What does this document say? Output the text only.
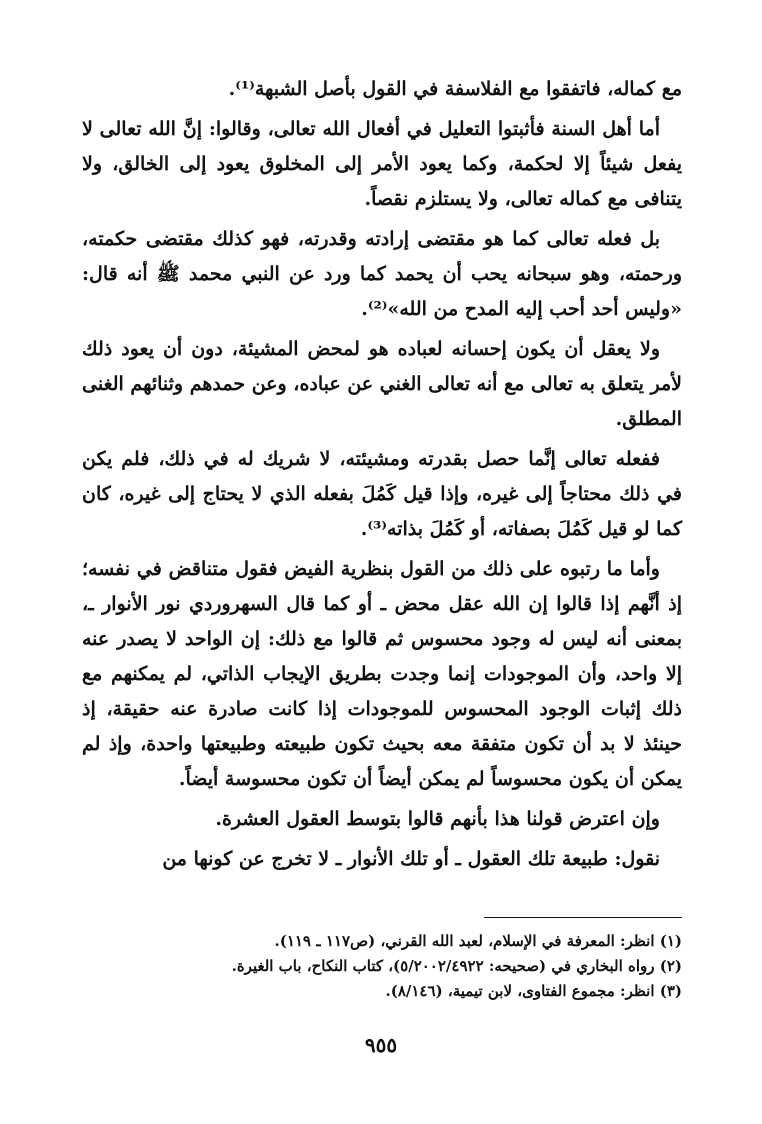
مع كماله، فاتفقوا مع الفلاسفة في القول بأصل الشبهة⁽¹⁾.

أما أهل السنة فأثبتوا التعليل في أفعال الله تعالى، وقالوا: إنَّ الله تعالى لا يفعل شيئاً إلا لحكمة، وكما يعود الأمر إلى المخلوق يعود إلى الخالق، ولا يتنافى مع كماله تعالى، ولا يستلزم نقصاً.

بل فعله تعالى كما هو مقتضى إرادته وقدرته، فهو كذلك مقتضى حكمته، ورحمته، وهو سبحانه يحب أن يحمد كما ورد عن النبي محمد ﷺ أنه قال: «وليس أحد أحب إليه المدح من الله»⁽²⁾.

ولا يعقل أن يكون إحسانه لعباده هو لمحض المشيئة، دون أن يعود ذلك لأمر يتعلق به تعالى مع أنه تعالى الغني عن عباده، وعن حمدهم وثنائهم الغنى المطلق.

ففعله تعالى إنَّما حصل بقدرته ومشيئته، لا شريك له في ذلك، فلم يكن في ذلك محتاجاً إلى غيره، وإذا قيل كَمُلَ بفعله الذي لا يحتاج إلى غيره، كان كما لو قيل كَمُلَ بصفاته، أو كَمُلَ بذاته⁽³⁾.

وأما ما رتبوه على ذلك من القول بنظرية الفيض فقول متناقض في نفسه؛ إذ أنَّهم إذا قالوا إن الله عقل محض ـ أو كما قال السهروردي نور الأنوار ـ، بمعنى أنه ليس له وجود محسوس ثم قالوا مع ذلك: إن الواحد لا يصدر عنه إلا واحد، وأن الموجودات إنما وجدت بطريق الإيجاب الذاتي، لم يمكنهم مع ذلك إثبات الوجود المحسوس للموجودات إذا كانت صادرة عنه حقيقة، إذ حينئذ لا بد أن تكون متفقة معه بحيث تكون طبيعته وطبيعتها واحدة، وإذ لم يمكن أن يكون محسوساً لم يمكن أيضاً أن تكون محسوسة أيضاً.

وإن اعترض قولنا هذا بأنهم قالوا بتوسط العقول العشرة.

نقول: طبيعة تلك العقول ـ أو تلك الأنوار ـ لا تخرج عن كونها من

(١) انظر: المعرفة في الإسلام، لعبد الله القرني، (ص١١٧ ـ ١١٩).

(٢) رواه البخاري في (صحيحه: ٥/٢٠٠٢/٤٩٢٢)، كتاب النكاح، باب الغيرة.

(٣) انظر: مجموع الفتاوى، لابن تيمية، (٨/١٤٦).

٩٥٥
